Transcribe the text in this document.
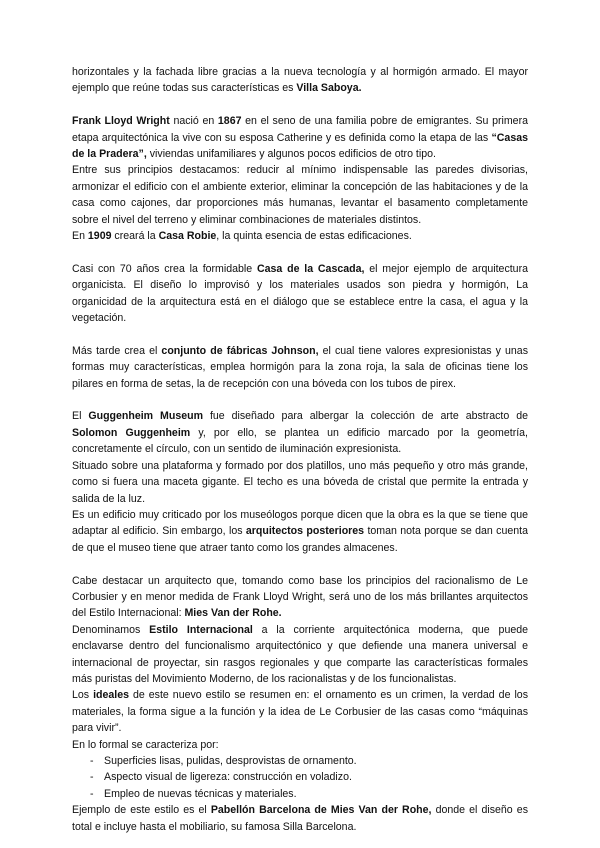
horizontales y la fachada libre gracias a la nueva tecnología y al hormigón armado. El mayor ejemplo que reúne todas sus características es Villa Saboya.

Frank Lloyd Wright nació en 1867 en el seno de una familia pobre de emigrantes. Su primera etapa arquitectónica la vive con su esposa Catherine y es definida como la etapa de las “Casas de la Pradera”, viviendas unifamiliares y algunos pocos edificios de otro tipo.

Entre sus principios destacamos: reducir al mínimo indispensable las paredes divisorias, armonizar el edificio con el ambiente exterior, eliminar la concepción de las habitaciones y de la casa como cajones, dar proporciones más humanas, levantar el basamento completamente sobre el nivel del terreno y eliminar combinaciones de materiales distintos.

En 1909 creará la Casa Robie, la quinta esencia de estas edificaciones.

Casi con 70 años crea la formidable Casa de la Cascada, el mejor ejemplo de arquitectura organicista. El diseño lo improvisó y los materiales usados son piedra y hormigón, La organicidad de la arquitectura está en el diálogo que se establece entre la casa, el agua y la vegetación.

Más tarde crea el conjunto de fábricas Johnson, el cual tiene valores expresionistas y unas formas muy características, emplea hormigón para la zona roja, la sala de oficinas tiene los pilares en forma de setas, la de recepción con una bóveda con los tubos de pirex.

El Guggenheim Museum fue diseñado para albergar la colección de arte abstracto de Solomon Guggenheim y, por ello, se plantea un edificio marcado por la geometría, concretamente el círculo, con un sentido de iluminación expresionista.

Situado sobre una plataforma y formado por dos platillos, uno más pequeño y otro más grande, como si fuera una maceta gigante. El techo es una bóveda de cristal que permite la entrada y salida de la luz.

Es un edificio muy criticado por los museólogos porque dicen que la obra es la que se tiene que adaptar al edificio. Sin embargo, los arquitectos posteriores toman nota porque se dan cuenta de que el museo tiene que atraer tanto como los grandes almacenes.

Cabe destacar un arquitecto que, tomando como base los principios del racionalismo de Le Corbusier y en menor medida de Frank Lloyd Wright, será uno de los más brillantes arquitectos del Estilo Internacional: Mies Van der Rohe.

Denominamos Estilo Internacional a la corriente arquitectónica moderna, que puede enclavarse dentro del funcionalismo arquitectónico y que defiende una manera universal e internacional de proyectar, sin rasgos regionales y que comparte las características formales más puristas del Movimiento Moderno, de los racionalistas y de los funcionalistas.

Los ideales de este nuevo estilo se resumen en: el ornamento es un crimen, la verdad de los materiales, la forma sigue a la función y la idea de Le Corbusier de las casas como “máquinas para vivir”.

En lo formal se caracteriza por:

- Superficies lisas, pulidas, desprovistas de ornamento.
- Aspecto visual de ligereza: construcción en voladizo.
- Empleo de nuevas técnicas y materiales.

Ejemplo de este estilo es el Pabellón Barcelona de Mies Van der Rohe, donde el diseño es total e incluye hasta el mobiliario, su famosa Silla Barcelona.
